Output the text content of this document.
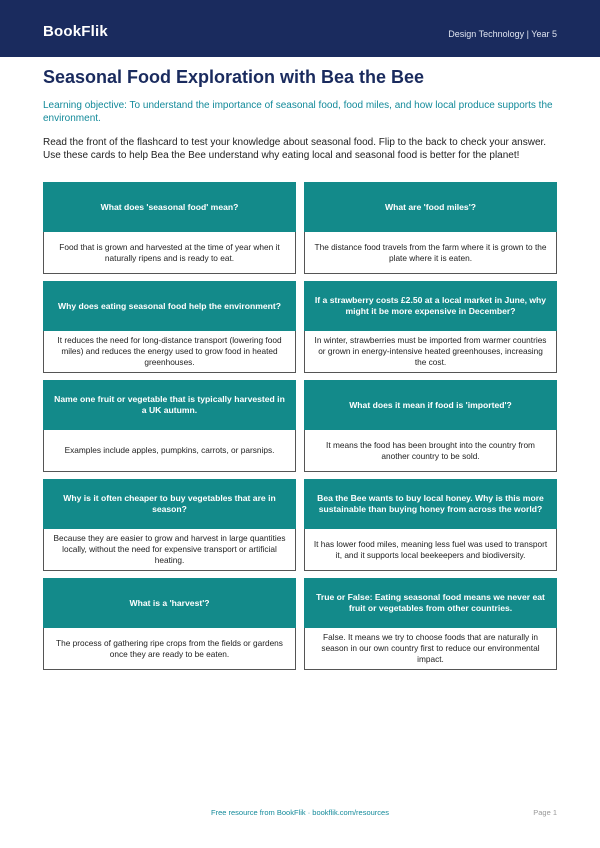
BookFlik	Design Technology | Year 5
Seasonal Food Exploration with Bea the Bee
Learning objective: To understand the importance of seasonal food, food miles, and how local produce supports the environment.
Read the front of the flashcard to test your knowledge about seasonal food. Flip to the back to check your answer. Use these cards to help Bea the Bee understand why eating local and seasonal food is better for the planet!
What does 'seasonal food' mean?
Food that is grown and harvested at the time of year when it naturally ripens and is ready to eat.
What are 'food miles'?
The distance food travels from the farm where it is grown to the plate where it is eaten.
Why does eating seasonal food help the environment?
It reduces the need for long-distance transport (lowering food miles) and reduces the energy used to grow food in heated greenhouses.
If a strawberry costs £2.50 at a local market in June, why might it be more expensive in December?
In winter, strawberries must be imported from warmer countries or grown in energy-intensive heated greenhouses, increasing the cost.
Name one fruit or vegetable that is typically harvested in a UK autumn.
Examples include apples, pumpkins, carrots, or parsnips.
What does it mean if food is 'imported'?
It means the food has been brought into the country from another country to be sold.
Why is it often cheaper to buy vegetables that are in season?
Because they are easier to grow and harvest in large quantities locally, without the need for expensive transport or artificial heating.
Bea the Bee wants to buy local honey. Why is this more sustainable than buying honey from across the world?
It has lower food miles, meaning less fuel was used to transport it, and it supports local beekeepers and biodiversity.
What is a 'harvest'?
The process of gathering ripe crops from the fields or gardens once they are ready to be eaten.
True or False: Eating seasonal food means we never eat fruit or vegetables from other countries.
False. It means we try to choose foods that are naturally in season in our own country first to reduce our environmental impact.
Free resource from BookFlik · bookflik.com/resources	Page 1
